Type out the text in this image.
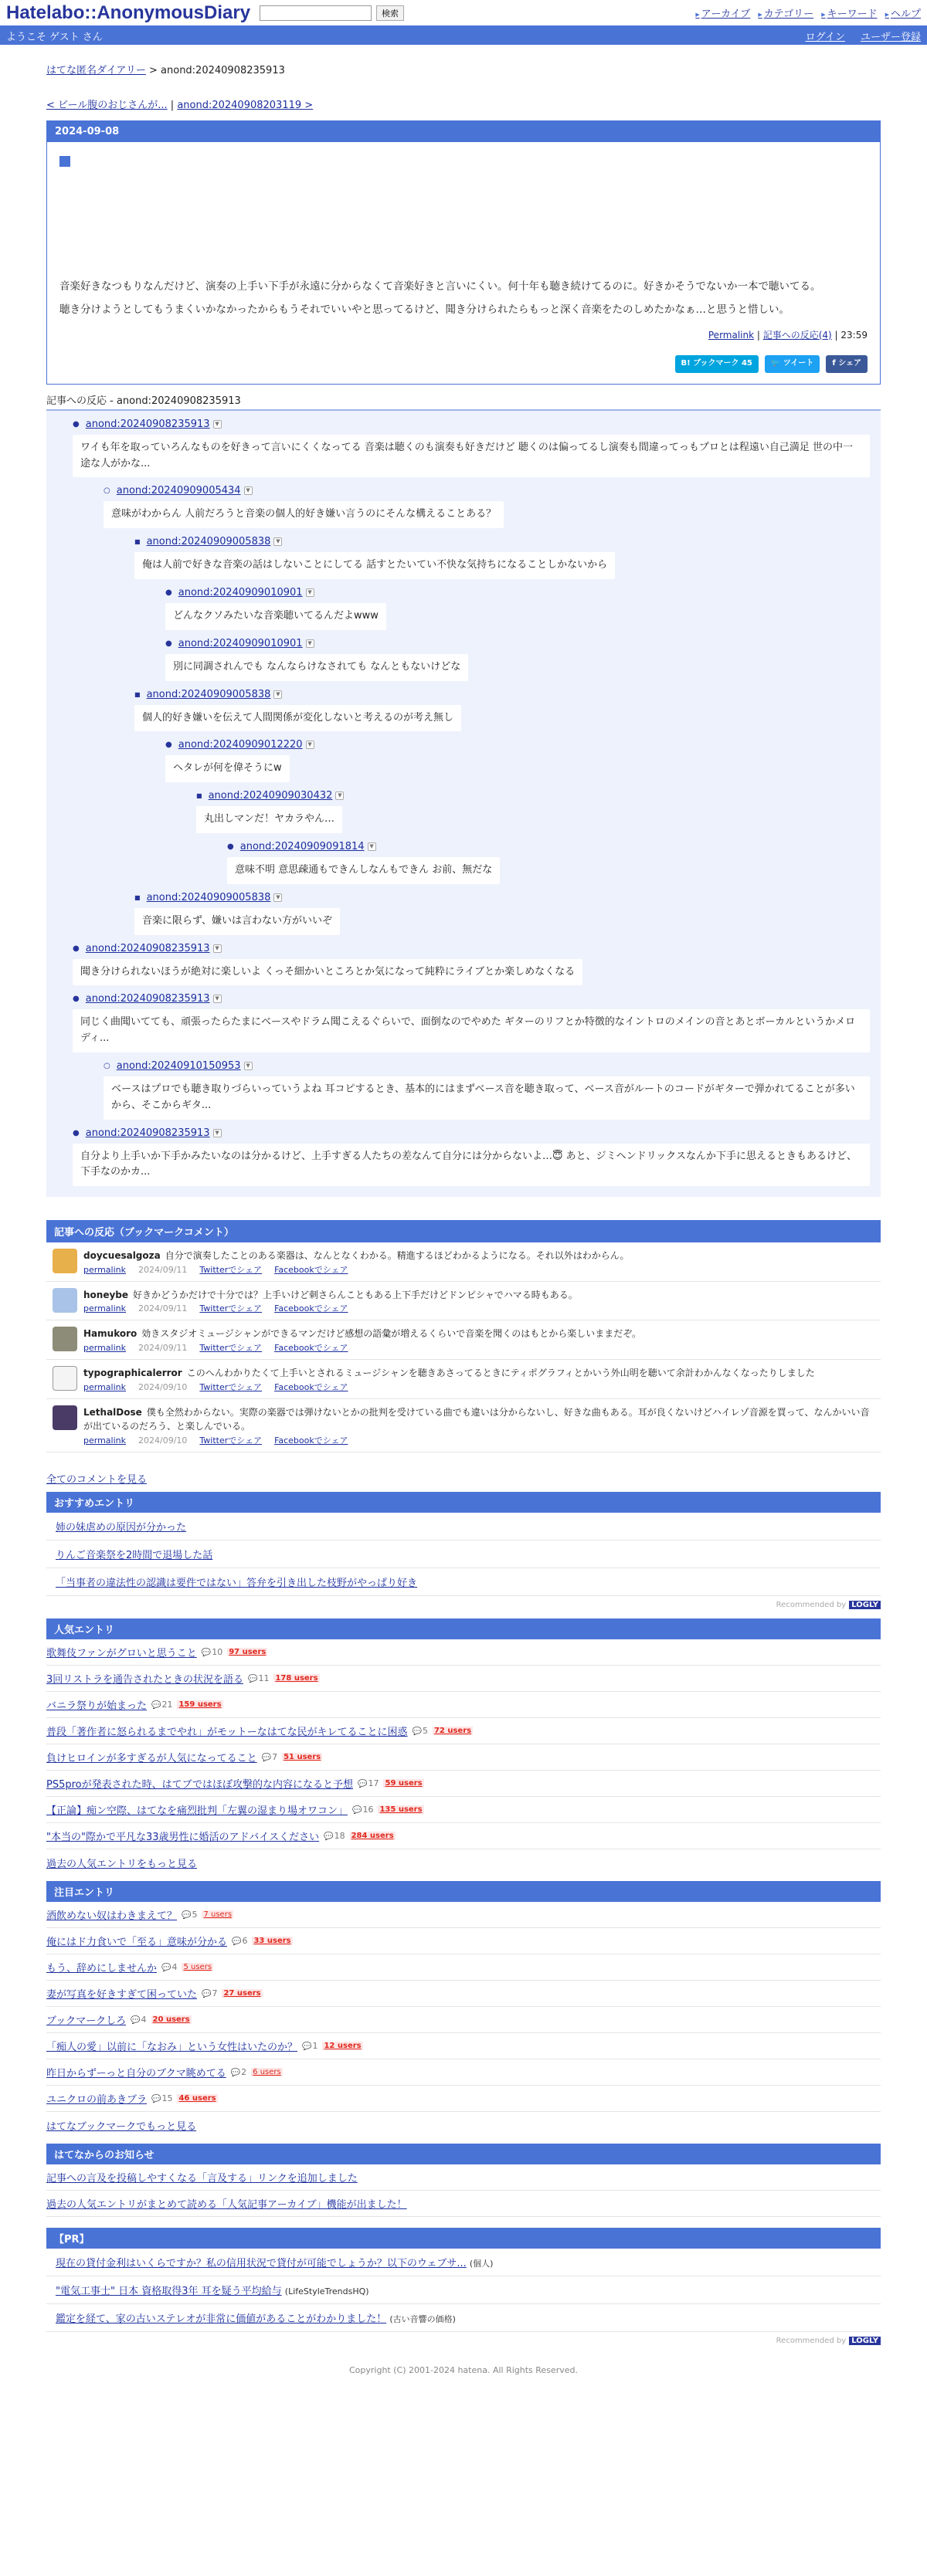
Hatelabo::AnonymousDiary	検索	▶ アーカイブ	▶ カテゴリー	▶ キーワード	▶ ヘルプ
ようこそ ゲスト さん	ログイン ユーザー登録
はてな匿名ダイアリー > anond:20240908235913
< ビール腹のおじさんが... | anond:20240908203119 >
2024-09-08

音楽好きなつもりなんだけど、演奏の上手い下手が永遠に分からなくて音楽好きと言いにくい。何十年も聴き続けてるのに。好きかそうでないか一本で聴いてる。

聴き分けようとしてもうまくいかなかったからもうそれでいいやと思ってるけど、聞き分けられたらもっと深く音楽をたのしめたかなぁ…と思うと惜しい。

Permalink | 記事への反応(4) | 23:59
B! ブックマーク 45	🐦 ツイート	f シェア
記事への反応 - anond:20240908235913
● anond:20240908235913 ▼
ワイも年を取っていろんなものを好きって言いにくくなってる 音楽は聴くのも演奏も好きだけど 聴くのは偏ってるし演奏も間違ってっもプロとは程遠い自己満足 世の中一途な人がかな...
○ anond:20240909005434 ▼
意味がわからん 人前だろうと音楽の個人的好き嫌い言うのにそんな構えることある？
■ anond:20240909005838 ▼
俺は人前で好きな音楽の話はしないことにしてる 話すとたいてい不快な気持ちになることしかないから
● anond:20240909010901 ▼
どんなクソみたいな音楽聴いてるんだよwww
● anond:20240909010901 ▼
別に同調されんでも なんならけなされても なんともないけどな
■ anond:20240909005838 ▼
個人的好き嫌いを伝えて人間関係が変化しないと考えるのが考え無し
● anond:20240909012220 ▼
ヘタレが何を偉そうにw
■ anond:20240909030432 ▼
丸出しマンだ！ヤカラやん…
● anond:20240909091814 ▼
意味不明 意思疎通もできんしなんもできん お前、無だな
■ anond:20240909005838 ▼
音楽に限らず、嫌いは言わない方がいいぞ
● anond:20240908235913 ▼
聞き分けられないほうが絶対に楽しいよ くっそ細かいところとか気になって純粋にライブとか楽しめなくなる
● anond:20240908235913 ▼
同じく曲聞いてても、頑張ったらたまにベースやドラム聞こえるぐらいで、面倒なのでやめた ギターのリフとか特徴的なイントロのメインの音とあとボーカルというかメロディ...
○ anond:20240910150953 ▼
ベースはプロでも聴き取りづらいっていうよね 耳コピするとき、基本的にはまずベース音を聴き取って、ベース音がルートのコードがギターで弾かれてることが多いから、そこからギタ...
● anond:20240908235913 ▼
自分より上手いか下手かみたいなのは分かるけど、上手すぎる人たちの差なんて自分には分からないよ…😇 あと、ジミヘンドリックスなんか下手に思えるときもあるけど、下手なのかカ...
記事への反応（ブックマークコメント）
doycuesalgoza 自分で演奏したことのある楽器は、なんとなくわかる。精進するほどわかるようになる。それ以外はわからん。
permalink 2024/09/11 Twitterでシェア Facebookでシェア
honeybe 好きかどうかだけで十分では？上手いけど刺さらんこともある上下手だけどドンピシャでハマる時もある。
permalink 2024/09/11 Twitterでシェア Facebookでシェア
Hamukoro 効きスタジオミュージシャンができるマンだけど感想の語彙が増えるくらいで音楽を聞くのはもとから楽しいままだぞ。
permalink 2024/09/11 Twitterでシェア Facebookでシェア
typographicalerror このへんわかりたくて上手いとされるミュージシャンを聴きあさってるときにティポグラフィとかいう外山明を聴いて余計わかんなくなったりしました
permalink 2024/09/10 Twitterでシェア Facebookでシェア
LethalDose 僕も全然わからない。実際の楽器では弾けないとかの批判を受けている曲でも違いは分からないし、好きな曲もある。耳が良くないけどハイレゾ音源を買って、なんかいい音が出ているのだろう、と楽しんでいる。
permalink 2024/09/10 Twitterでシェア Facebookでシェア
全てのコメントを見る
おすすめエントリ
姉の妹虐めの原因が分かった
りんご音楽祭を2時間で退場した話
「当事者の違法性の認識は要件ではない」答弁を引き出した枝野がやっぱり好き
Recommended by LOGLY
人気エントリ
歌舞伎ファンがグロいと思うこと	💬 10 97 users
3回リストラを通告されたときの状況を語る	💬 11 178 users
バニラ祭りが始まった	💬 21 159 users
普段「著作者に怒られるまでやれ」がモットーなはてな民がキレてることに困惑	💬 5 72 users
負けヒロインが多すぎるが人気になってること	💬 7 51 users
PS5proが発表された時、はてブではほぼ攻撃的な内容になると予想	💬 17 59 users
【正論】痴ン空際、はてなを痛烈批判「左翼の湿まり場オワコン」	💬 16 135 users
"本当の"際かで平凡な33歳男性に婚活のアドバイスください	💬 18 284 users
過去の人気エントリをもっと見る
注目エントリ
酒飲めない奴はわきまえて？	💬 5 7 users
俺にはド力食いで「至る」意味が分かる	💬 6 33 users
もう、辞めにしませんか	💬 4 5 users
妻が写真を好きすぎて困っていた	💬 7 27 users
ブックマークしろ	💬 4 20 users
「痴人の愛」以前に「なおみ」という女性はいたのか？	💬 1 12 users
昨日からずーっと自分のブクマ眺めてる	💬 2 6 users
ユニクロの前あきブラ	💬 15 46 users
はてなブックマークでもっと見る
はてなからのお知らせ
記事への言及を投稿しやすくなる「言及する」リンクを追加しました
過去の人気エントリがまとめて読める「人気記事アーカイブ」機能が出ました！
【PR】
現在の貸付金利はいくらですか？私の信用状況で貸付が可能でしょうか？以下のウェブサ... (個人)
"電気工事士" 日本 資格取得3年 耳を疑う平均給与 (LifeStyleTrendsHQ)
鑑定を経て、家の古いステレオが非常に価値があることがわかりました！ (古い音響の価格)
Recommended by LOGLY
Copyright (C) 2001-2024 hatena. All Rights Reserved.
